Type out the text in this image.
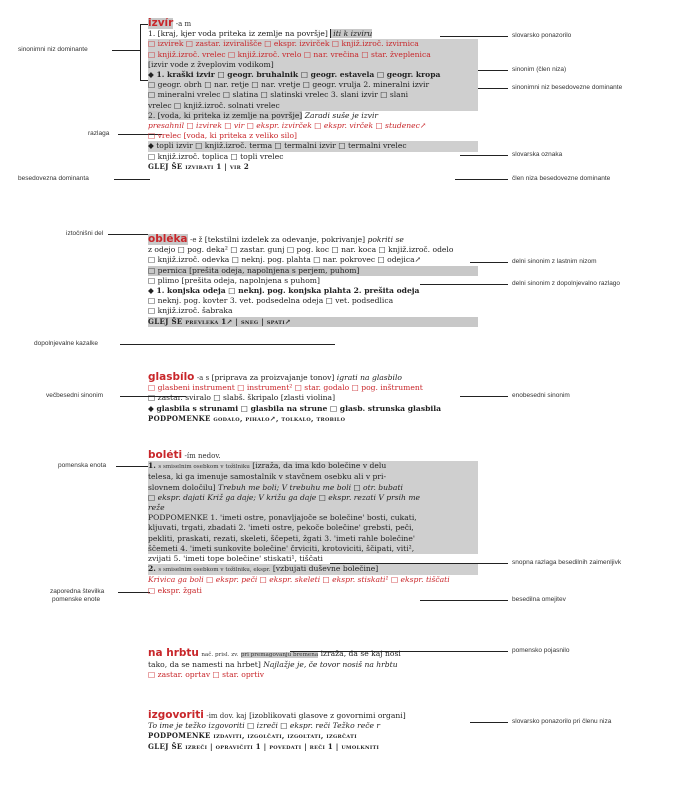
sinonimni niz dominante
razlaga
besedovezna dominanta
iztočnišni del
dopolnjevalne kazalke
večbesedni sinonim
pomenska enota
zaporedna številka
pomenske enote
slovarsko ponazorilo
sinonim (člen niza)
sinonimni niz besedovezne dominante
slovarska oznaka
člen niza besedovezne dominante
delni sinonim z lastnim nizom
delni sinonim z dopolnjevalno razlago
enobesedni sinonim
snopna razlaga besedilnih zaimenljivk
besedilna omejitev
pomensko pojasnilo
slovarsko ponazorilo pri členu niza
izvír -a m
1. [kraj, kjer voda priteka iz zemlje na površje] iti k izviru
□ izvirek □ zastar. izvirališče □ ekspr. izvirček □ knjiž.izroč. izvirnica
□ knjiž.izroč. vrelec □ knjiž.izroč. vrelo □ nar. vrečina □ star. žveplenica
[izvir vode z žveplovim vodikom]
◆ 1. kraški izvir □ geogr. bruhalnik □ geogr. estavela □ geogr. kropa
□ geogr. obrh □ nar. retje □ nar. vretje □ geogr. vrulja 2. mineralni izvir
□ mineralni vrelec □ slatina □ slatinski vrelec 3. slani izvir □ slani
vrelec □ knjiž.izroč. solnati vrelec
2. [voda, ki priteka iz zemlje na površje] Zaradi suše je izvir
presahnil □ izvirek □ vir □ ekspr. izvirček □ ekspr. virček □ studenec↗
□ vrelec [voda, ki priteka z veliko silo]
◆ topli izvir □ knjiž.izroč. terma □ termalni izvir □ termalni vrelec
□ knjiž.izroč. toplica □ topli vrelec
GLEJ ŠE izvirati 1 | vir 2
obléka -e ž [tekstilni izdelek za odevanje, pokrivanje] pokriti se
z odejo □ pog. deka² □ zastar. gunj □ pog. koc □ nar. koca □ knjiž.izroč. odelo
□ knjiž.izroč. odevka □ neknj. pog. plahta □ nar. pokrovec □ odejica↗
□ pernica [prešita odeja, napolnjena s perjem, puhom]
□ plimo [prešita odeja, napolnjena s puhom]
◆ 1. konjska odeja □ neknj. pog. konjska plahta 2. prešita odeja
□ neknj. pog. kovter 3. vet. podsedelna odeja □ vet. podsedlica
□ knjiž.izroč. šabraka
GLEJ ŠE prevleka 1↗ | sneg | spati↗
glasbílo -a s [priprava za proizvajanje tonov] igrati na glasbilo
□ glasbeni instrument □ instrument² □ star. godalo □ pog. inštrument
□ zastar. sviralo □ slabš. škripalo [zlasti violina]
◆ glasbila s strunami □ glasbila na strune □ glasb. strunska glasbila
PODPOMENKE godalo, pihalo↗, tolkalo, trobilo
boléti -ím nedov.
1. s smiselnim osebkom v tožilniku [izraža, da ima kdo bolečine v delu
telesa, ki ga imenuje samostalnik v stavčnem osebku ali v pri-
slovnem določilu] Trebuh me boli; V trebuhu me boli □ otr. bubati
□ ekspr. dajati Križ ga daje; V križu ga daje □ ekspr. rezati V prsih me
reže
PODPOMENKE 1. 'imeti ostre, ponavljajoče se bolečine' bosti, cukati,
kljuvati, trgati, zbadati 2. 'imeti ostre, pekoče bolečine' grebsti, peči,
pekliti, praskati, rezati, skeleti, ščepeti, žgati 3. 'imeti rahle bolečine'
ščemeti 4. 'imeti sunkovite bolečine' črviciti, krotoviciti, ščipati, viti²,
zvijati 5. 'imeti tope bolečine' stiskati¹, tiščati
2. s smiselnim osebkom v tožilniku, ekspr. [vzbujati duševne bolečine]
Krivica ga boli □ ekspr. peči □ ekspr. skeleti □ ekspr. stiskati¹ □ ekspr. tiščati
□ ekspr. žgati
na hrbtu nač. prisl. zv. pri premagovanju bremena izraža, da se kaj nosi
tako, da se namesti na hrbet] Najlažje je, če tovor nosiš na hrbtu
□ zastar. oprtav □ star. oprtiv
izgovoriti -im dov. kaj [izoblikovati glasove z govornimi organi]
To ime je težko izgovoriti □ izreči □ ekspr. reči Težko reče r
PODPOMENKE izdaviti, izgolčati, izgoltati, izgrčati
GLEJ ŠE izreči | opravičiti 1 | povedati | reči 1 | umolkniti
